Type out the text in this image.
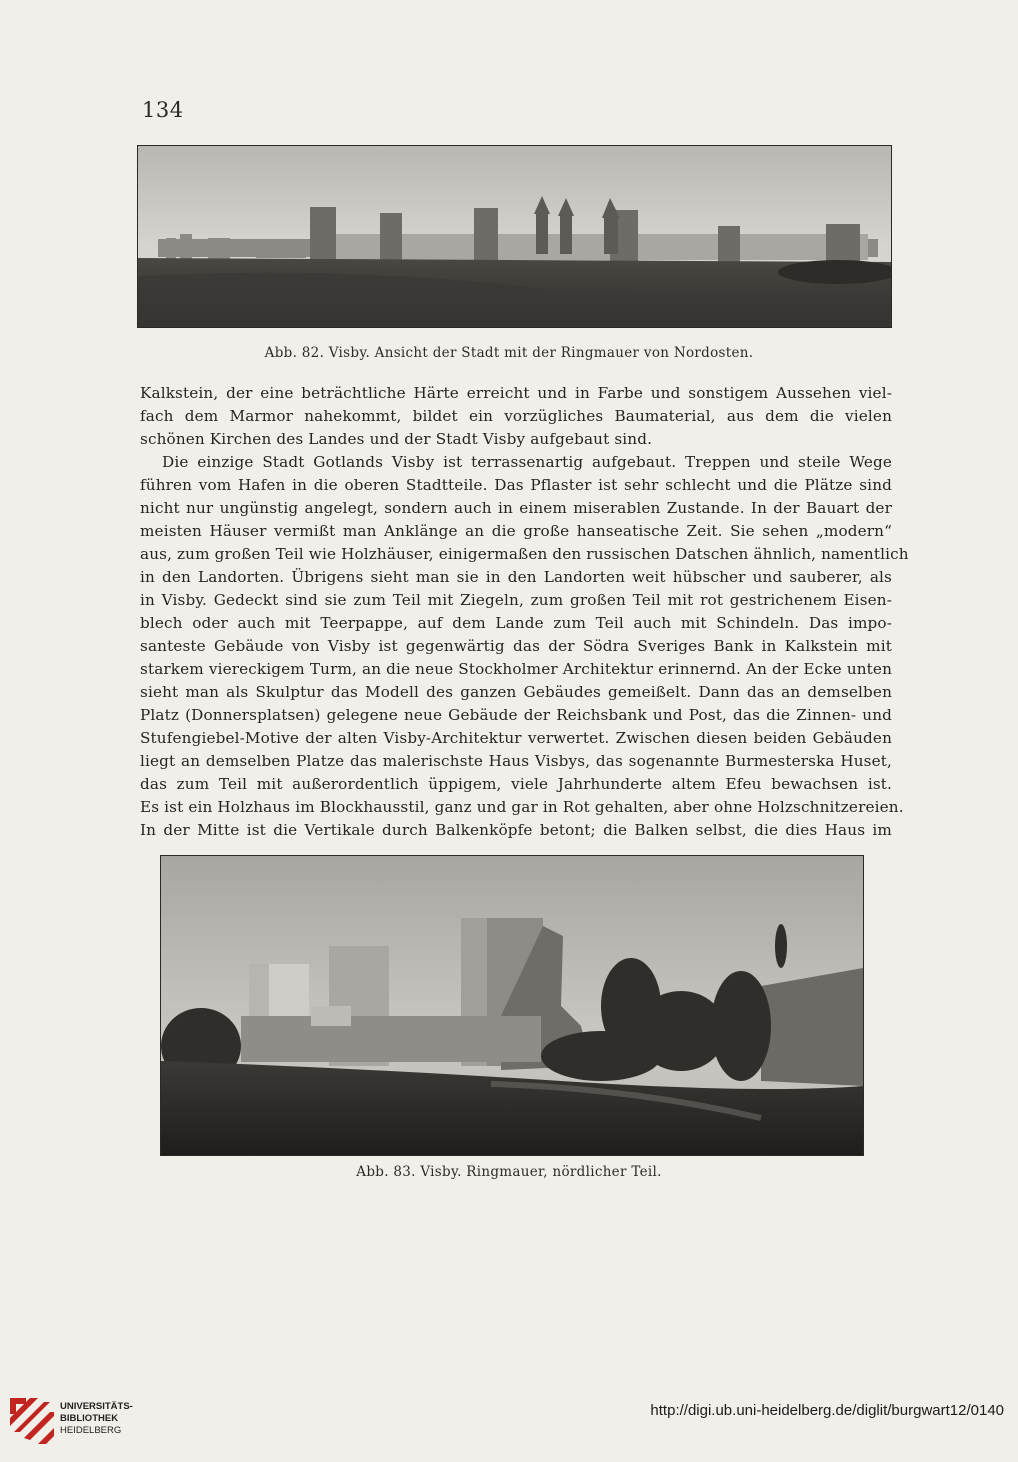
134
Abb. 82. Visby. Ansicht der Stadt mit der Ringmauer von Nordosten.
Kalkstein, der eine beträchtliche Härte erreicht und in Farbe und sonstigem Aussehen viel-
fach dem Marmor nahekommt, bildet ein vorzügliches Baumaterial, aus dem die vielen
schönen Kirchen des Landes und der Stadt Visby aufgebaut sind.
Die einzige Stadt Gotlands Visby ist terrassenartig aufgebaut. Treppen und steile Wege
führen vom Hafen in die oberen Stadtteile. Das Pflaster ist sehr schlecht und die Plätze sind
nicht nur ungünstig angelegt, sondern auch in einem miserablen Zustande. In der Bauart der
meisten Häuser vermißt man Anklänge an die große hanseatische Zeit. Sie sehen „modern“
aus, zum großen Teil wie Holzhäuser, einigermaßen den russischen Datschen ähnlich, namentlich
in den Landorten. Übrigens sieht man sie in den Landorten weit hübscher und sauberer, als
in Visby. Gedeckt sind sie zum Teil mit Ziegeln, zum großen Teil mit rot gestrichenem Eisen-
blech oder auch mit Teerpappe, auf dem Lande zum Teil auch mit Schindeln. Das impo-
santeste Gebäude von Visby ist gegenwärtig das der Södra Sveriges Bank in Kalkstein mit
starkem viereckigem Turm, an die neue Stockholmer Architektur erinnernd. An der Ecke unten
sieht man als Skulptur das Modell des ganzen Gebäudes gemeißelt. Dann das an demselben
Platz (Donnersplatsen) gelegene neue Gebäude der Reichsbank und Post, das die Zinnen- und
Stufengiebel-Motive der alten Visby-Architektur verwertet. Zwischen diesen beiden Gebäuden
liegt an demselben Platze das malerischste Haus Visbys, das sogenannte Burmesterska Huset,
das zum Teil mit außerordentlich üppigem, viele Jahrhunderte altem Efeu bewachsen ist.
Es ist ein Holzhaus im Blockhausstil, ganz und gar in Rot gehalten, aber ohne Holzschnitzereien.
In der Mitte ist die Vertikale durch Balkenköpfe betont; die Balken selbst, die dies Haus im
Abb. 83. Visby. Ringmauer, nördlicher Teil.
UNIVERSITÄTS-
BIBLIOTHEK
HEIDELBERG
http://digi.ub.uni-heidelberg.de/diglit/burgwart12/0140
